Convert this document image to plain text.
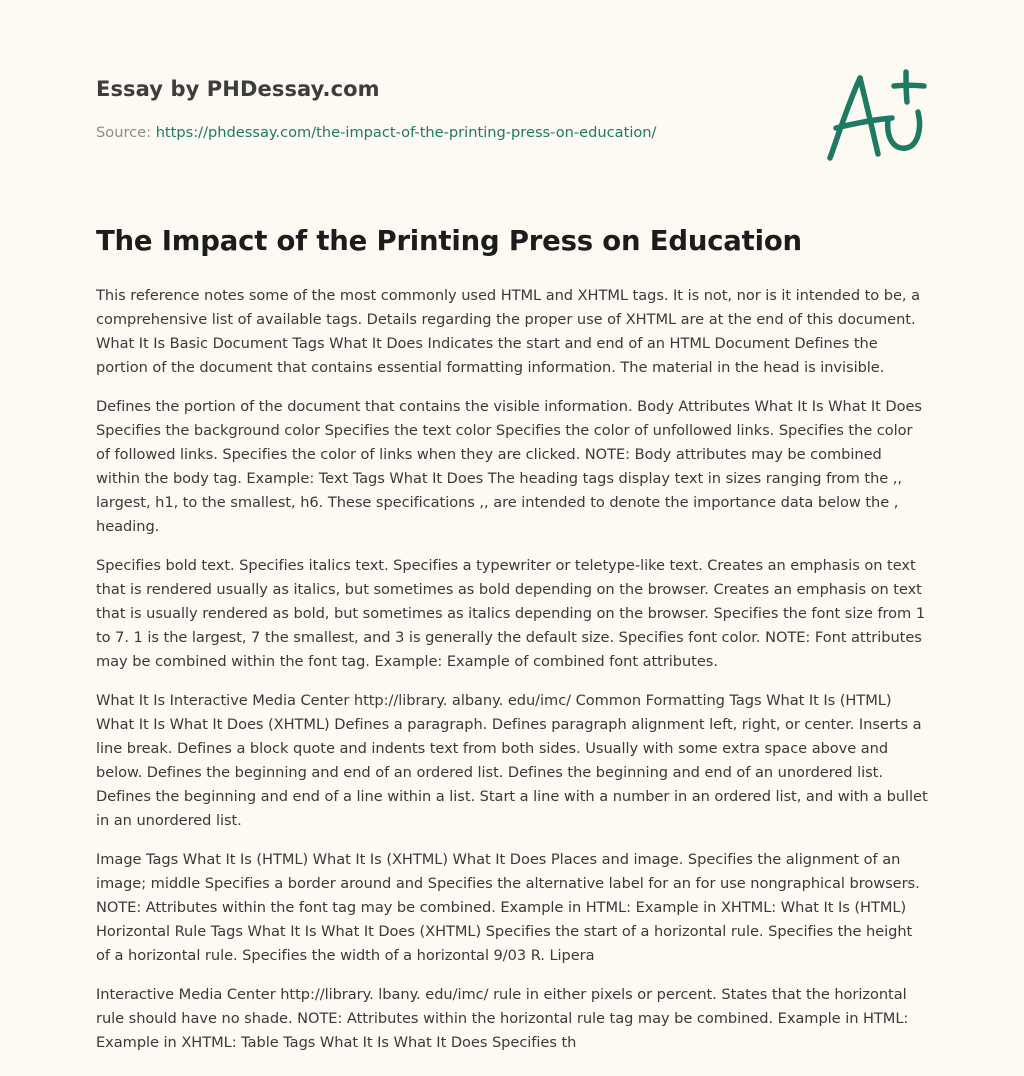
Essay by PHDessay.com
Source: https://phdessay.com/the-impact-of-the-printing-press-on-education/
The Impact of the Printing Press on Education

This reference notes some of the most commonly used HTML and XHTML tags. It is not, nor is it intended to be, a comprehensive list of available tags. Details regarding the proper use of XHTML are at the end of this document. What It Is Basic Document Tags What It Does Indicates the start and end of an HTML Document Defines the portion of the document that contains essential formatting information. The material in the head is invisible.

Defines the portion of the document that contains the visible information. Body Attributes What It Is What It Does Specifies the background color Specifies the text color Specifies the color of unfollowed links. Specifies the color of followed links. Specifies the color of links when they are clicked. NOTE: Body attributes may be combined within the body tag. Example: Text Tags What It Does The heading tags display text in sizes ranging from the ,, largest, h1, to the smallest, h6. These specifications ,, are intended to denote the importance data below the , heading.

Specifies bold text. Specifies italics text. Specifies a typewriter or teletype-like text. Creates an emphasis on text that is rendered usually as italics, but sometimes as bold depending on the browser. Creates an emphasis on text that is usually rendered as bold, but sometimes as italics depending on the browser. Specifies the font size from 1 to 7. 1 is the largest, 7 the smallest, and 3 is generally the default size. Specifies font color. NOTE: Font attributes may be combined within the font tag. Example: Example of combined font attributes.

What It Is Interactive Media Center http://library. albany. edu/imc/ Common Formatting Tags What It Is (HTML) What It Is What It Does (XHTML) Defines a paragraph. Defines paragraph alignment left, right, or center. Inserts a line break. Defines a block quote and indents text from both sides. Usually with some extra space above and below. Defines the beginning and end of an ordered list. Defines the beginning and end of an unordered list. Defines the beginning and end of a line within a list. Start a line with a number in an ordered list, and with a bullet in an unordered list.

Image Tags What It Is (HTML) What It Is (XHTML) What It Does Places and image. Specifies the alignment of an image; middle Specifies a border around and Specifies the alternative label for an for use nongraphical browsers. NOTE: Attributes within the font tag may be combined. Example in HTML: Example in XHTML: What It Is (HTML) Horizontal Rule Tags What It Is What It Does (XHTML) Specifies the start of a horizontal rule. Specifies the height of a horizontal rule. Specifies the width of a horizontal 9/03 R. Lipera

Interactive Media Center http://library. lbany. edu/imc/ rule in either pixels or percent. States that the horizontal rule should have no shade. NOTE: Attributes within the horizontal rule tag may be combined. Example in HTML: Example in XHTML: Table Tags What It Is What It Does Specifies th
